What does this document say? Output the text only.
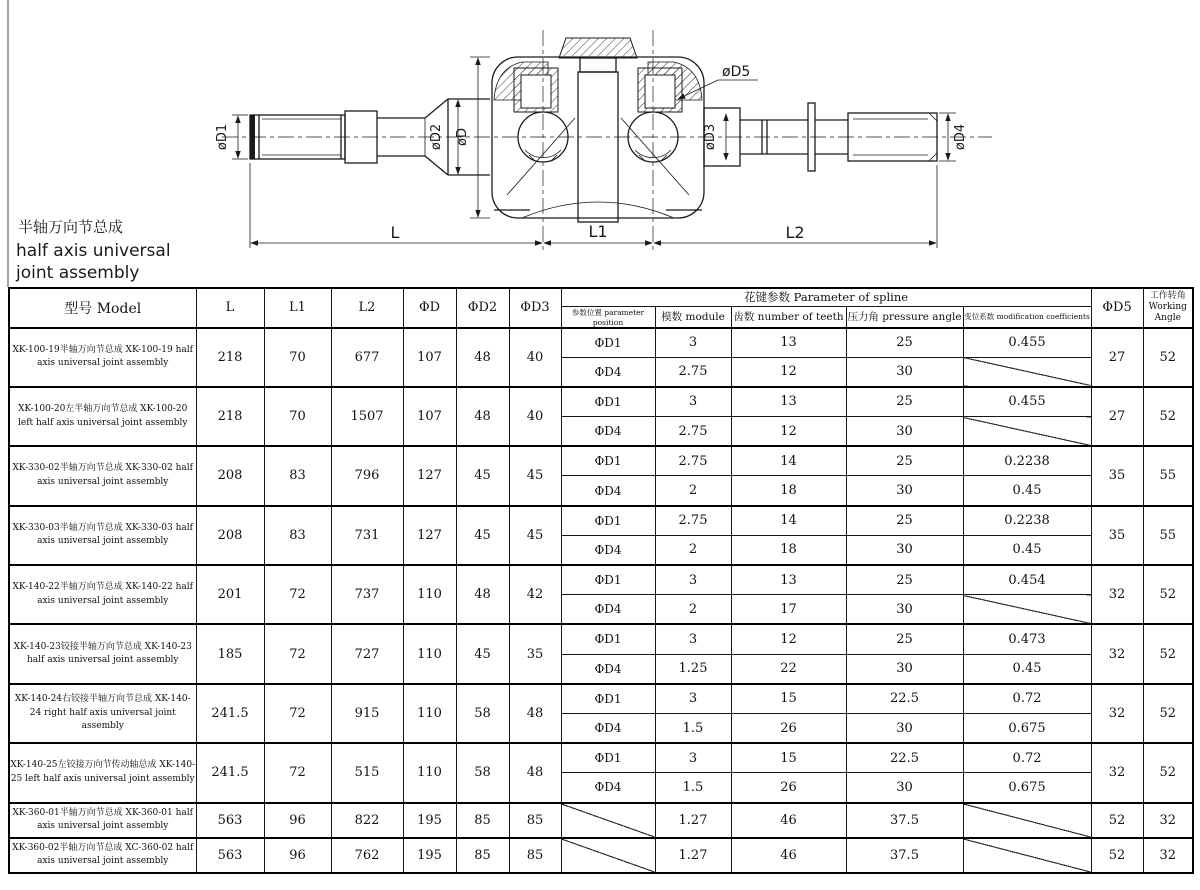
øD1	øD2 øD
øD5
øD3	øD4
L	L1	L2
半轴万向节总成
half axis universal
joint assembly
型号 Model	L	L1	L2	ΦD	ΦD2	ΦD3	花键参数 Parameter of spline					ΦD5	工作转角
Working Angle

							参数位置 parameter position	模数 module	齿数 number of teeth	压力角 pressure angle	变位系数 modification coefficients		
XK-100-19半轴万向节总成 XK-100-19 half axis universal joint assembly	218	70	677	107	48	40	ΦD1	3	13	25	0.455	27	52
							ΦD4	2.75	12	30			
XK-100-20左半轴万向节总成 XK-100-20 left half axis universal joint assembly	218	70	1507	107	48	40	ΦD1	3	13	25	0.455	27	52
							ΦD4	2.75	12	30			
XK-330-02半轴万向节总成 XK-330-02 half axis universal joint assembly	208	83	796	127	45	45	ΦD1	2.75	14	25	0.2238	35	55
							ΦD4	2	18	30	0.45		
XK-330-03半轴万向节总成 XK-330-03 half axis universal joint assembly	208	83	731	127	45	45	ΦD1	2.75	14	25	0.2238	35	55
							ΦD4	2	18	30	0.45		
XK-140-22半轴万向节总成 XK-140-22 half axis universal joint assembly	201	72	737	110	48	42	ΦD1	3	13	25	0.454	32	52
							ΦD4	2	17	30			
XK-140-23铰接半轴万向节总成 XK-140-23 half axis universal joint assembly	185	72	727	110	45	35	ΦD1	3	12	25	0.473	32	52
							ΦD4	1.25	22	30	0.45		
XK-140-24右铰接半轴万向节总成 XK-140-24 right half axis universal joint assembly	241.5	72	915	110	58	48	ΦD1	3	15	22.5	0.72	32	52
							ΦD4	1.5	26	30	0.675		
XK-140-25左铰接万向节传动轴总成 XK-140-25 left half axis universal joint assembly	241.5	72	515	110	58	48	ΦD1	3	15	22.5	0.72	32	52
							ΦD4	1.5	26	30	0.675		
XK-360-01半轴万向节总成 XK-360-01 half axis universal joint assembly	563	96	822	195	85	85		1.27	46	37.5		52	32
XK-360-02半轴万向节总成 XC-360-02 half axis universal joint assembly	563	96	762	195	85	85		1.27	46	37.5		52	32
